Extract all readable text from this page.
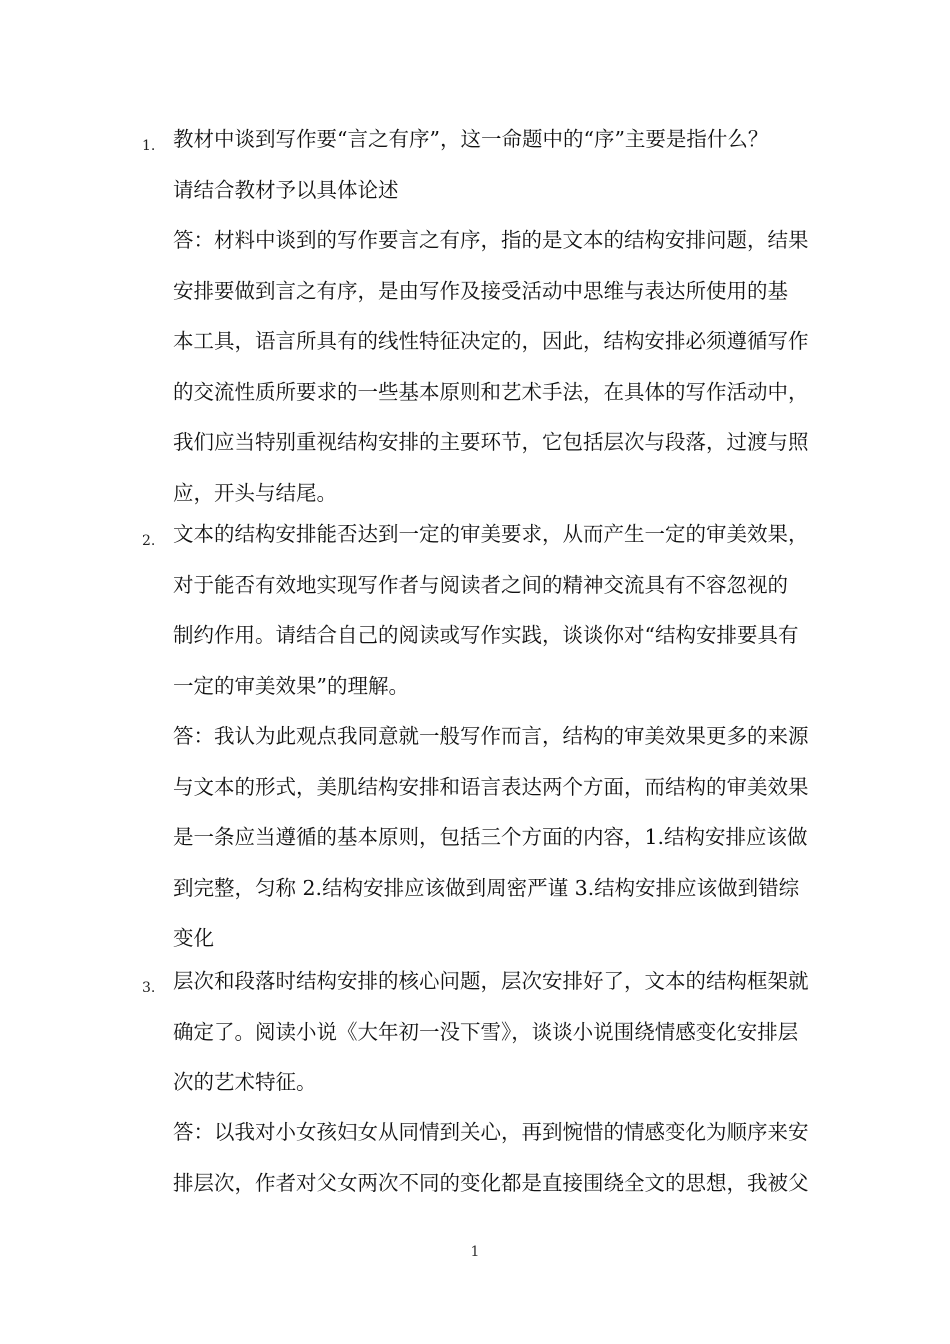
1. 教材中谈到写作要“言之有序”，这一命题中的“序”主要是指什么？
请结合教材予以具体论述
答：材料中谈到的写作要言之有序，指的是文本的结构安排问题，结果
安排要做到言之有序，是由写作及接受活动中思维与表达所使用的基
本工具，语言所具有的线性特征决定的，因此，结构安排必须遵循写作
的交流性质所要求的一些基本原则和艺术手法，在具体的写作活动中，
我们应当特别重视结构安排的主要环节，它包括层次与段落，过渡与照
应，开头与结尾。
2. 文本的结构安排能否达到一定的审美要求，从而产生一定的审美效果，
对于能否有效地实现写作者与阅读者之间的精神交流具有不容忽视的
制约作用。请结合自己的阅读或写作实践，谈谈你对“结构安排要具有
一定的审美效果”的理解。
答：我认为此观点我同意就一般写作而言，结构的审美效果更多的来源
与文本的形式，美肌结构安排和语言表达两个方面，而结构的审美效果
是一条应当遵循的基本原则，包括三个方面的内容，1.结构安排应该做
到完整，匀称 2.结构安排应该做到周密严谨 3.结构安排应该做到错综
变化
3. 层次和段落时结构安排的核心问题，层次安排好了，文本的结构框架就
确定了。阅读小说《大年初一没下雪》，谈谈小说围绕情感变化安排层
次的艺术特征。
答：以我对小女孩妇女从同情到关心，再到惋惜的情感变化为顺序来安
排层次，作者对父女两次不同的变化都是直接围绕全文的思想，我被父
1
